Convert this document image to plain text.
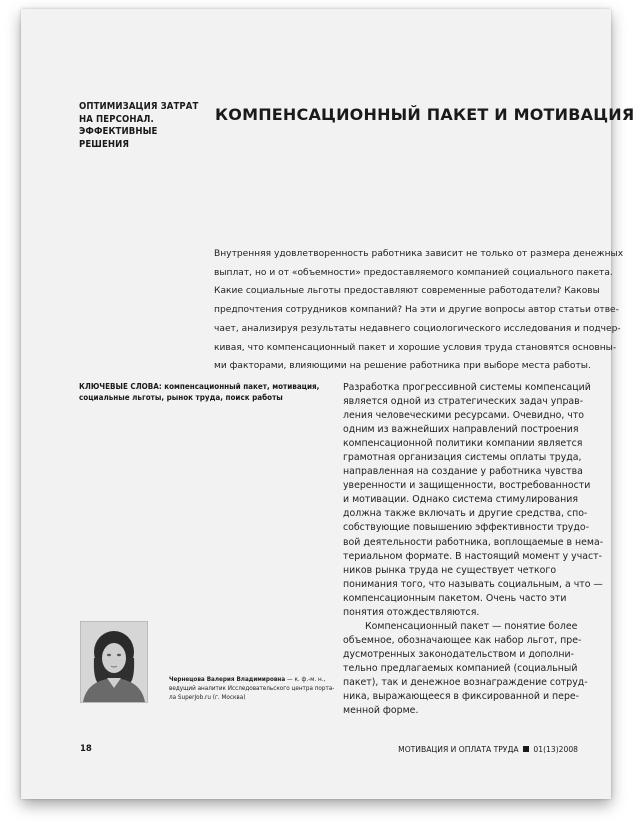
ОПТИМИЗАЦИЯ ЗАТРАТ
НА ПЕРСОНАЛ.
ЭФФЕКТИВНЫЕ
РЕШЕНИЯ
КОМПЕНСАЦИОННЫЙ ПАКЕТ И МОТИВАЦИЯ
Внутренняя удовлетворенность работника зависит не только от размера денежных
выплат, но и от «объемности» предоставляемого компанией социального пакета.
Какие социальные льготы предоставляют современные работодатели? Каковы
предпочтения сотрудников компаний? На эти и другие вопросы автор статьи отве-
чает, анализируя результаты недавнего социологического исследования и подчер-
кивая, что компенсационный пакет и хорошие условия труда становятся основны-
ми факторами, влияющими на решение работника при выборе места работы.
КЛЮЧЕВЫЕ СЛОВА: компенсационный пакет, мотивация,
социальные льготы, рынок труда, поиск работы
Разработка прогрессивной системы компенсаций
является одной из стратегических задач управ-
ления человеческими ресурсами. Очевидно, что
одним из важнейших направлений построения
компенсационной политики компании является
грамотная организация системы оплаты труда,
направленная на создание у работника чувства
уверенности и защищенности, востребованности
и мотивации. Однако система стимулирования
должна также включать и другие средства, спо-
собствующие повышению эффективности трудо-
вой деятельности работника, воплощаемые в нема-
териальном формате. В настоящий момент у участ-
ников рынка труда не существует четкого
понимания того, что называть социальным, а что —
компенсационным пакетом. Очень часто эти
понятия отождествляются.
Компенсационный пакет — понятие более
объемное, обозначающее как набор льгот, пре-
дусмотренных законодательством и дополни-
тельно предлагаемых компанией (социальный
пакет), так и денежное вознаграждение сотруд-
ника, выражающееся в фиксированной и пере-
менной форме.
Чернецова Валерия Владимировна — к. ф.-м. н.,
ведущий аналитик Исследовательского центра порта-
ла SuperJob.ru (г. Москва)
18	МОТИВАЦИЯ И ОПЛАТА ТРУДА 01(13)2008
